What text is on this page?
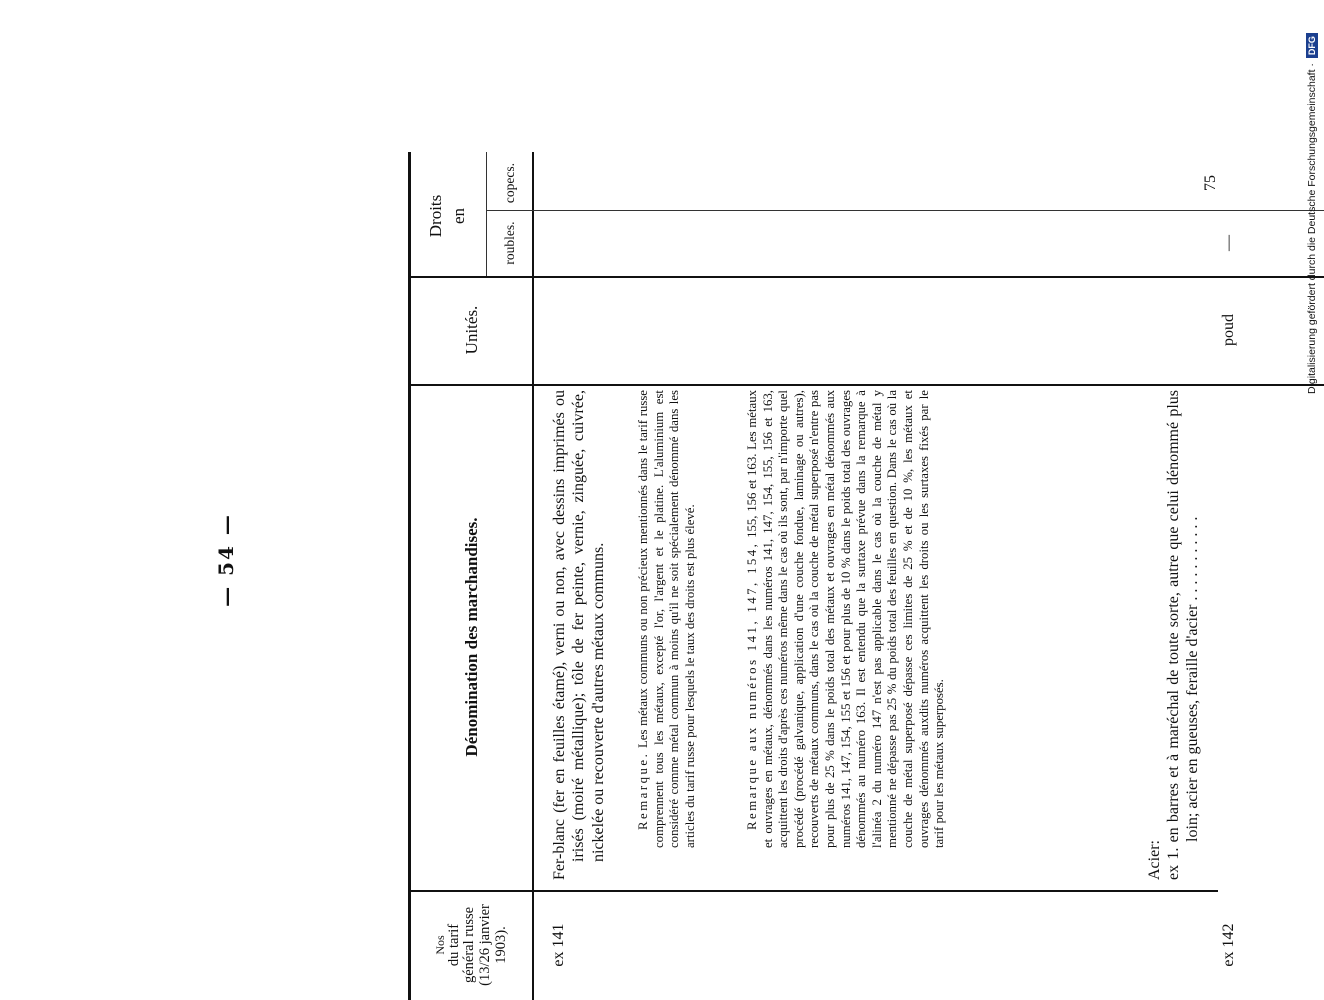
— 54 —
Nos
du tarif général russe (13/26 janvier 1903).
Dénomination des marchandises.
Unités.
Droits en
roubles.
copecs.
ex 141
Fer-blanc (fer en feuilles étamé), verni ou non, avec dessins imprimés ou irisés (moiré métallique); tôle de fer peinte, vernie, zinguée, cuivrée, nickelée ou recouverte d'autres métaux communs. Remarque. Les métaux communs ou non précieux mentionnés dans le tarif russe comprennent tous les métaux, excepté l'or, l'argent et le platine. L'aluminium est considéré comme métal commun à moins qu'il ne soit spécialement dénommé dans les articles du tarif russe pour lesquels le taux des droits est plus élevé.	Remarque aux numéros 141, 147, 154, 155, 156 et 163. Les métaux et ouvrages en métaux, dénommés dans les numéros 141, 147, 154, 155, 156 et 163, acquittent les droits d'après ces numéros même dans le cas où ils sont, par n'importe quel procédé (procédé galvanique, application d'une couche fondue, laminage ou autres), recouverts de métaux communs, dans le cas où la couche de métal superposé n'entre pas pour plus de 25 % dans le poids total des métaux et ouvrages en métal dénommés aux numéros 141, 147, 154, 155 et 156 et pour plus de 10 % dans le poids total des ouvrages dénommés au numéro 163. Il est entendu que la surtaxe prévue dans la remarque à l'alinéa 2 du numéro 147 n'est pas applicable dans le cas où la couche de métal y mentionné ne dépasse pas 25 % du poids total des feuilles en question. Dans le cas où la couche de métal superposé dépasse ces limites de 25 % et de 10 %, les métaux et ouvrages dénommés auxdits numéros acquittent les droits ou les surtaxes fixés par le tarif pour les métaux superposés.
ex 142
Acier: ex 1. en barres et à maréchal de toute sorte, autre que celui dénommé plus loin; acier en gueuses, feraille d'acier . . . . . . . . . . .
poud
—
75	Digitalisierung gefördert durch die Deutsche Forschungsgemeinschaft ·
DFG
